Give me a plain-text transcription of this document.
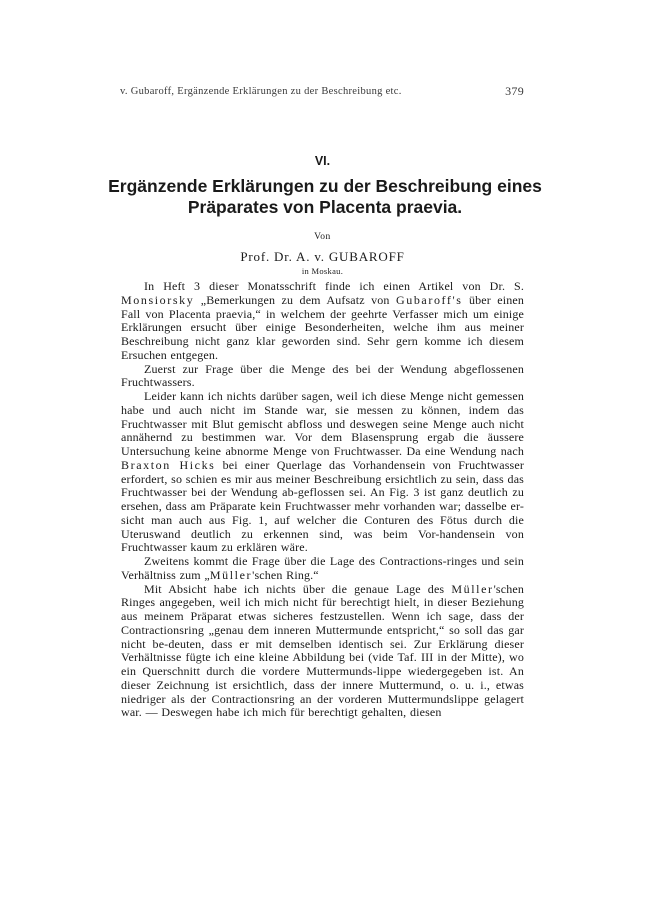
v. Gubaroff, Ergänzende Erklärungen zu der Beschreibung etc.	379
VI.
Ergänzende Erklärungen zu der Beschreibung eines Präparates von Placenta praevia.
Von
Prof. Dr. A. v. GUBAROFF
in Moskau.

In Heft 3 dieser Monatsschrift finde ich einen Artikel von Dr. S. Monsiorsky „Bemerkungen zu dem Aufsatz von Gubaroff's über einen Fall von Placenta praevia,“ in welchem der geehrte Verfasser mich um einige Erklärungen ersucht über einige Besonderheiten, welche ihm aus meiner Beschreibung nicht ganz klar geworden sind. Sehr gern komme ich diesem Ersuchen entgegen.

Zuerst zur Frage über die Menge des bei der Wendung abgeflossenen Fruchtwassers.

Leider kann ich nichts darüber sagen, weil ich diese Menge nicht gemessen habe und auch nicht im Stande war, sie messen zu können, indem das Fruchtwasser mit Blut gemischt abfloss und deswegen seine Menge auch nicht annähernd zu bestimmen war. Vor dem Blasensprung ergab die äussere Untersuchung keine abnorme Menge von Fruchtwasser. Da eine Wendung nach Braxton Hicks bei einer Querlage das Vorhandensein von Fruchtwasser erfordert, so schien es mir aus meiner Beschreibung ersichtlich zu sein, dass das Fruchtwasser bei der Wendung ab-geflossen sei. An Fig. 3 ist ganz deutlich zu ersehen, dass am Präparate kein Fruchtwasser mehr vorhanden war; dasselbe er-sicht man auch aus Fig. 1, auf welcher die Conturen des Fötus durch die Uteruswand deutlich zu erkennen sind, was beim Vor-handensein von Fruchtwasser kaum zu erklären wäre.

Zweitens kommt die Frage über die Lage des Contractions-ringes und sein Verhältniss zum „Müller'schen Ring.“

Mit Absicht habe ich nichts über die genaue Lage des Müller'schen Ringes angegeben, weil ich mich nicht für berechtigt hielt, in dieser Beziehung aus meinem Präparat etwas sicheres festzustellen. Wenn ich sage, dass der Contractionsring „genau dem inneren Muttermunde entspricht,“ so soll das gar nicht be-deuten, dass er mit demselben identisch sei. Zur Erklärung dieser Verhältnisse fügte ich eine kleine Abbildung bei (vide Taf. III in der Mitte), wo ein Querschnitt durch die vordere Muttermunds-lippe wiedergegeben ist. An dieser Zeichnung ist ersichtlich, dass der innere Muttermund, o. u. i., etwas niedriger als der Contractionsring an der vorderen Muttermundslippe gelagert war. — Deswegen habe ich mich für berechtigt gehalten, diesen
